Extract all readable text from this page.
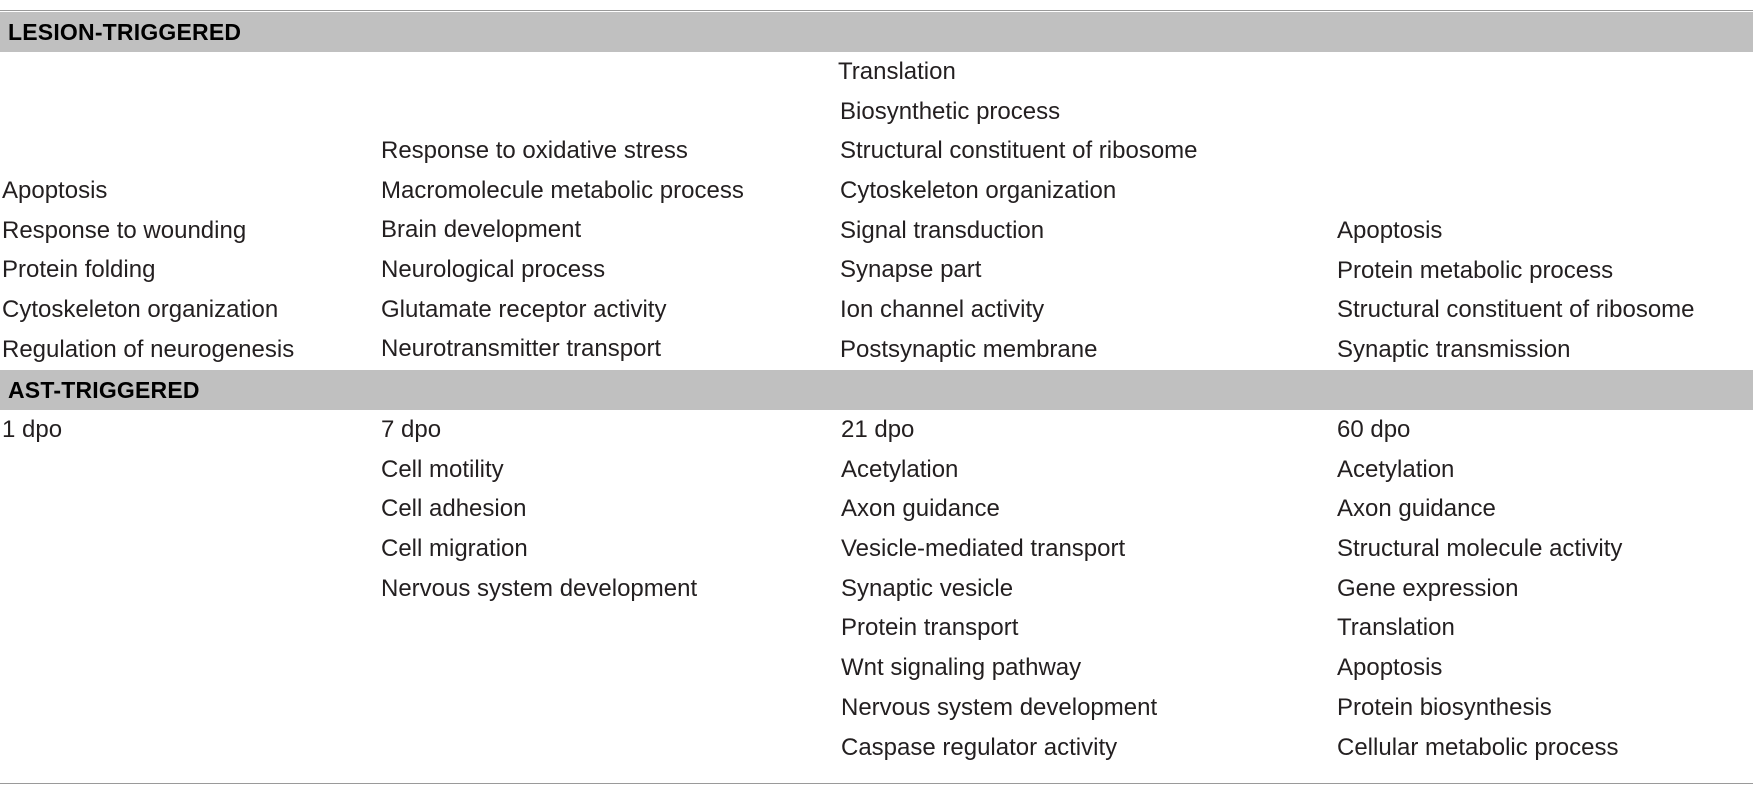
LESION-TRIGGERED
Apoptosis
Response to wounding
Protein folding
Cytoskeleton organization
Regulation of neurogenesis
Response to oxidative stress
Macromolecule metabolic process
Brain development
Neurological process
Glutamate receptor activity
Neurotransmitter transport
Translation
Biosynthetic process
Structural constituent of ribosome
Cytoskeleton organization
Signal transduction
Synapse part
Ion channel activity
Postsynaptic membrane
Apoptosis
Protein metabolic process
Structural constituent of ribosome
Synaptic transmission
AST-TRIGGERED
1 dpo	7 dpo
Cell motility
Cell adhesion
Cell migration
Nervous system development
21 dpo
Acetylation
Axon guidance
Vesicle-mediated transport
Synaptic vesicle
Protein transport
Wnt signaling pathway
Nervous system development
Caspase regulator activity
60 dpo
Acetylation
Axon guidance
Structural molecule activity
Gene expression
Translation
Apoptosis
Protein biosynthesis
Cellular metabolic process
